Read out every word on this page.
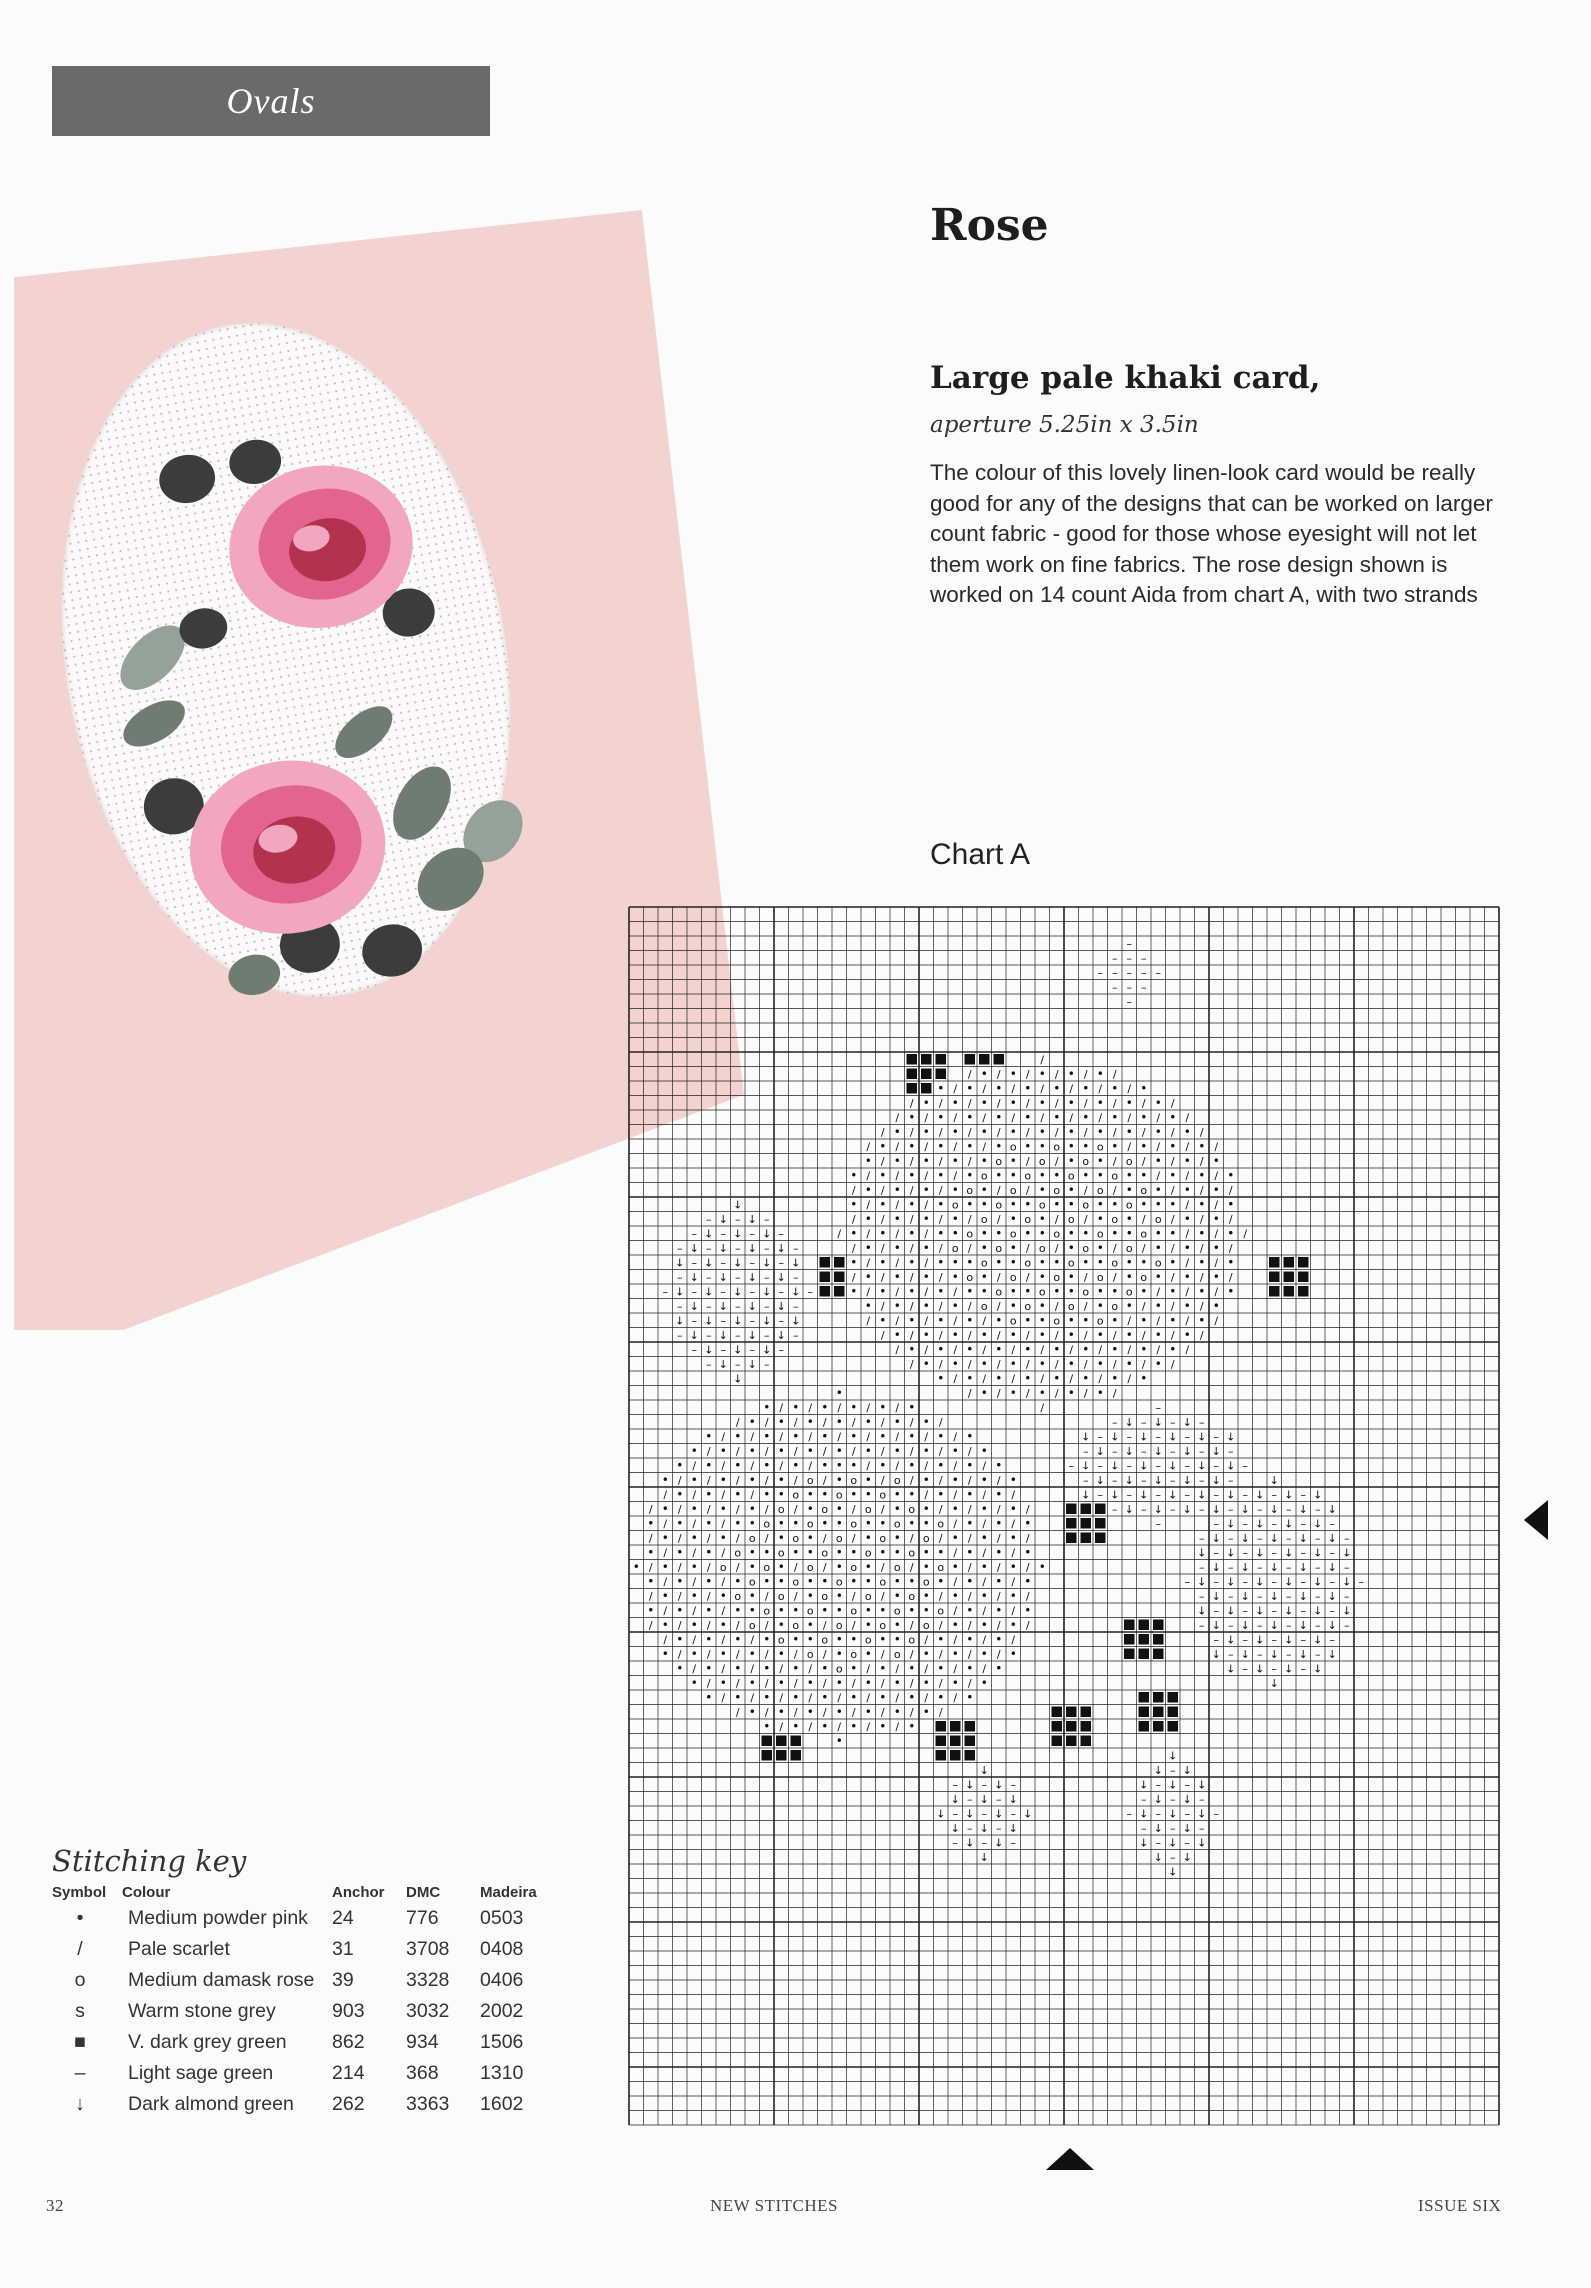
Ovals
Rose
Large pale khaki card,
aperture 5.25in x 3.5in

The colour of this lovely linen-look card would be really good for any of the designs that can be worked on larger count fabric - good for those whose eyesight will not let them work on fine fabrics. The rose design shown is worked on 14 count Aida from chart A, with two strands

Chart A
–
– – –
– – – – –
– – –
–
/
/ • / • / • / • / • /
• / • / • / • / • / • / • / •
/ • / • / • / • / • / • / • / • / • /
/ • / • / • / • / • / • / • / • / • / • /
/ • / • / • / • / • / • / • / • / • / • / • /
/ • / • / • / • / • o • • o • • o • / • / • / • /
• / • / • / • / • o • / o / • o • / o / • / • / •
• / • / • / • / • o • • o • • o • • o • • / • / • / •
/ • / • / • / • o • / o / • o • / o / • o • / • / • /
↓	• / • / • / • o • • o • • o • • o • • o • • • / • / •
– ↓ – ↓ –	/ • / • / • / • / o / • o • / o / • o • / o / • / • /
– ↓ – ↓ – ↓ –	/ • / • / • / • • o • • o • • o • • o • • o • • / • / • /
– ↓ – ↓ – ↓ – ↓ –	/ • / • / • / o / • o • / o / • o • / o / • / • / • /
↓ – ↓ – ↓ – ↓ – ↓	• / • / • / • • • o • • o • • o • • o • • o • / • / •
– ↓ – ↓ – ↓ – ↓ –	/ • / • / • / • o • / o / • o • / o / • o • / • / • /
– ↓ – ↓ – ↓ – ↓ – ↓ –	• / • / • / • / • • o • • o • • o • • o • / • / • / •
– ↓ – ↓ – ↓ – ↓ –	• / • / • / • / o / • o • / o / • o • / • / • / •
↓ – ↓ – ↓ – ↓ – ↓	/ • / • / • / • / • o • • o • • o • / • / • / • /
– ↓ – ↓ – ↓ – ↓ –	/ • / • / • / • / • / • / • / • / • / • / • /
– ↓ – ↓ – ↓ –	/ • / • / • / • / • / • / • / • / • / • /
– ↓ – ↓ –	/ • / • / • / • / • / • / • / • / • /
↓	• / • / • / • / • / • / • / •
•	/ • / • / • / • / • /
• / • / • / • / • / •	/	–
/ • / • / • / • / • / • / • /	– ↓ – ↓ – ↓ –
• / • / • / • / • / • / • / • / • / •	↓ – ↓ – ↓ – ↓ – ↓ – ↓
• / • / • / • / • / • / • / • / • / • / •	– ↓ – ↓ – ↓ – ↓ – ↓ –
• / • / • / • / • / • • • / • / • / • / • / •	– ↓ – ↓ – ↓ – ↓ – ↓ – ↓ –
• / • / • / • / • / o / • o • / o / • / • / • / •	– ↓ – ↓ – ↓ – ↓ – ↓ –	↓
/ • / • / • / • • o • • o • • o • • / • / • / • /	↓ – ↓ – ↓ – ↓ – ↓ – ↓ – ↓ – ↓ – ↓
/ • / • / • / • / o / • o • / o / • o • / • / • / • /	– ↓ – ↓ – ↓ – ↓ – ↓ – ↓ – ↓ – ↓
• / • / • / • • o • • o • • o • • o • • o / • / • / •	–	– ↓ – ↓ – ↓ – ↓ –
/ • / • / • / o / • o • / o / • o • / o / • / • / • /	– ↓ – ↓ – ↓ – ↓ – ↓ –
• / • / • / o • • o • • o • • o • • o • • / • / • / •	↓ – ↓ – ↓ – ↓ – ↓ – ↓
• / • / • / o / • o • / o / • o • / o / • o • / • / • / •	– ↓ – ↓ – ↓ – ↓ – ↓ –
• / • / • / • o • • o • • o • • o • • o • / • / • / •	– ↓ – ↓ – ↓ – ↓ – ↓ – ↓ –
/ • / • / • o • / o / • o • / o / • o • / • / • / • /	– ↓ – ↓ – ↓ – ↓ – ↓ –
• / • / • / • • o • • o • • o • • o • • o / • / • / •	↓ – ↓ – ↓ – ↓ – ↓ – ↓
/ • / • / • / o / • o • / o / • o • / o / • / • / • /	– ↓ – ↓ – ↓ – ↓ – ↓ –
/ • / • / • / • o • • o • • o • • o / • / • / • /	– ↓ – ↓ – ↓ – ↓ –
• / • / • / • / • / o / • o • / o / • / • / • / •	↓ – ↓ – ↓ – ↓ – ↓
• / • / • / • / • / • o • / • / • / • / • / •	↓ – ↓ – ↓ – ↓
• / • / • / • / • / • / • / • / • / • / •	↓
• / • / • / • / • / • / • / • / • / •
/ • / • / • / • / • / • / • /
• / • / • / • / • / •
•
↓
↓	↓ – ↓
– ↓ – ↓ –	↓ – ↓ – ↓
↓ – ↓ – ↓	– ↓ – ↓ –
↓ – ↓ – ↓ – ↓	– ↓ – ↓ – ↓ –
↓ – ↓ – ↓	– ↓ – ↓ –
– ↓ – ↓ –	↓ – ↓ – ↓
↓	↓ – ↓
↓
Stitching key
Symbol	Colour	Anchor	DMC	Madeira
•	Medium powder pink	24	776	0503
/	Pale scarlet	31	3708	0408
o	Medium damask rose	39	3328	0406
s	Warm stone grey	903	3032	2002
■	V. dark grey green	862	934	1506
–	Light sage green	214	368	1310
↓	Dark almond green	262	3363	1602
32	NEW STITCHES	ISSUE SIX
